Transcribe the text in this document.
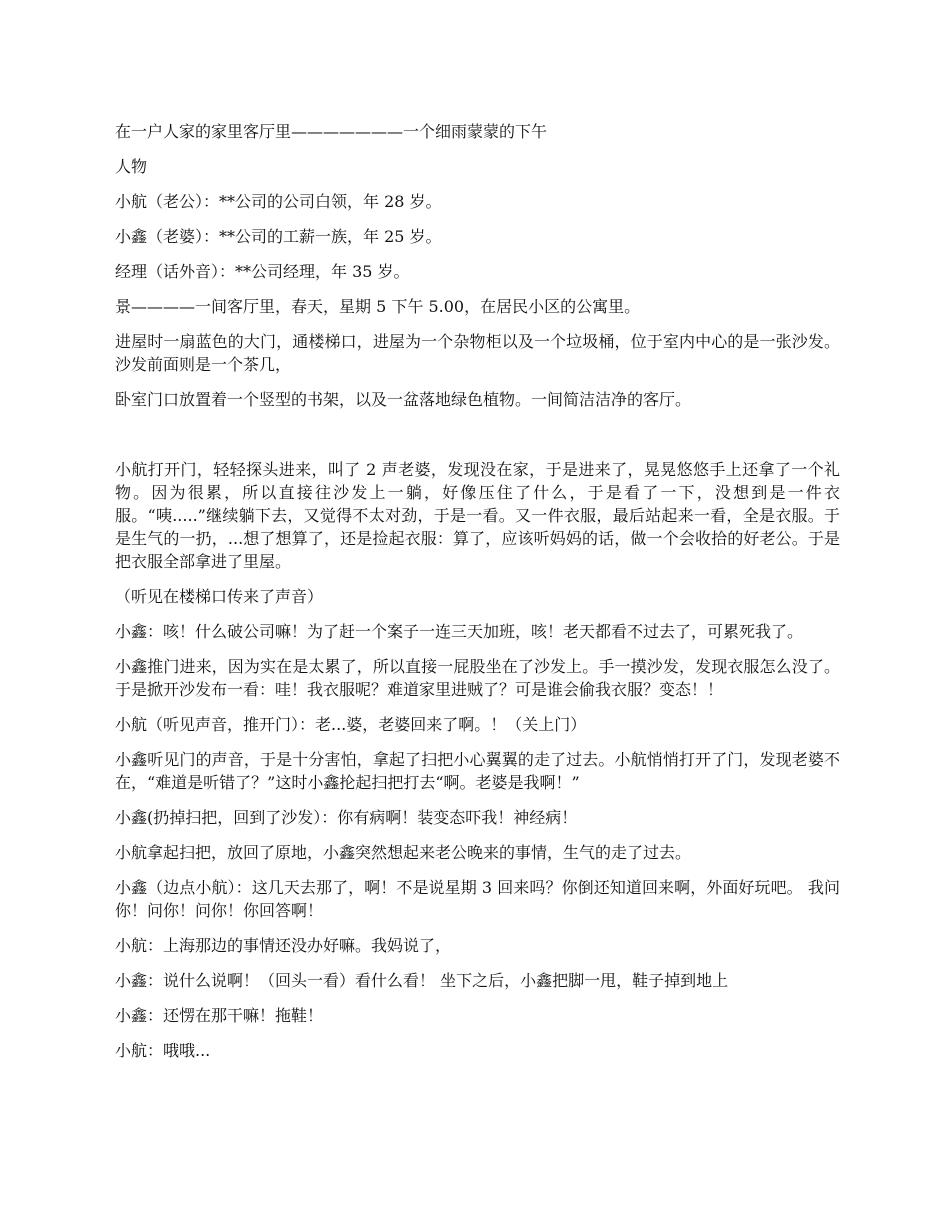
在一户人家的家里客厅里———————一个细雨蒙蒙的下午

人物

小航（老公）：**公司的公司白领，年 28 岁。

小鑫（老婆）：**公司的工薪一族，年 25 岁。

经理（话外音）：**公司经理，年 35 岁。

景————一间客厅里，春天，星期 5 下午 5.00，在居民小区的公寓里。

进屋时一扇蓝色的大门，通楼梯口，进屋为一个杂物柜以及一个垃圾桶，位于室内中心的是一张沙发。沙发前面则是一个茶几，

卧室门口放置着一个竖型的书架，以及一盆落地绿色植物。一间简洁洁净的客厅。

小航打开门，轻轻探头进来，叫了 2 声老婆，发现没在家，于是进来了，晃晃悠悠手上还拿了一个礼物。因为很累，所以直接往沙发上一躺，好像压住了什么，于是看了一下，没想到是一件衣服。“咦.....”继续躺下去，又觉得不太对劲，于是一看。又一件衣服，最后站起来一看，全是衣服。于是生气的一扔，...想了想算了，还是捡起衣服：算了，应该听妈妈的话，做一个会收拾的好老公。于是把衣服全部拿进了里屋。

（听见在楼梯口传来了声音）

小鑫：咳！什么破公司嘛！为了赶一个案子一连三天加班，咳！老天都看不过去了，可累死我了。

小鑫推门进来，因为实在是太累了，所以直接一屁股坐在了沙发上。手一摸沙发，发现衣服怎么没了。于是掀开沙发布一看：哇！我衣服呢？难道家里进贼了？可是谁会偷我衣服？变态！！

小航（听见声音，推开门）：老...婆，老婆回来了啊。！（关上门）

小鑫听见门的声音，于是十分害怕，拿起了扫把小心翼翼的走了过去。小航悄悄打开了门，发现老婆不在，“难道是听错了？”这时小鑫抡起扫把打去“啊。老婆是我啊！”

小鑫(扔掉扫把，回到了沙发）：你有病啊！装变态吓我！神经病！

小航拿起扫把，放回了原地，小鑫突然想起来老公晚来的事情，生气的走了过去。

小鑫（边点小航）：这几天去那了，啊！不是说星期 3 回来吗？你倒还知道回来啊，外面好玩吧。 我问你！问你！问你！你回答啊！

小航：上海那边的事情还没办好嘛。我妈说了，

小鑫：说什么说啊！（回头一看）看什么看！ 坐下之后，小鑫把脚一甩，鞋子掉到地上

小鑫：还愣在那干嘛！拖鞋！

小航：哦哦...
